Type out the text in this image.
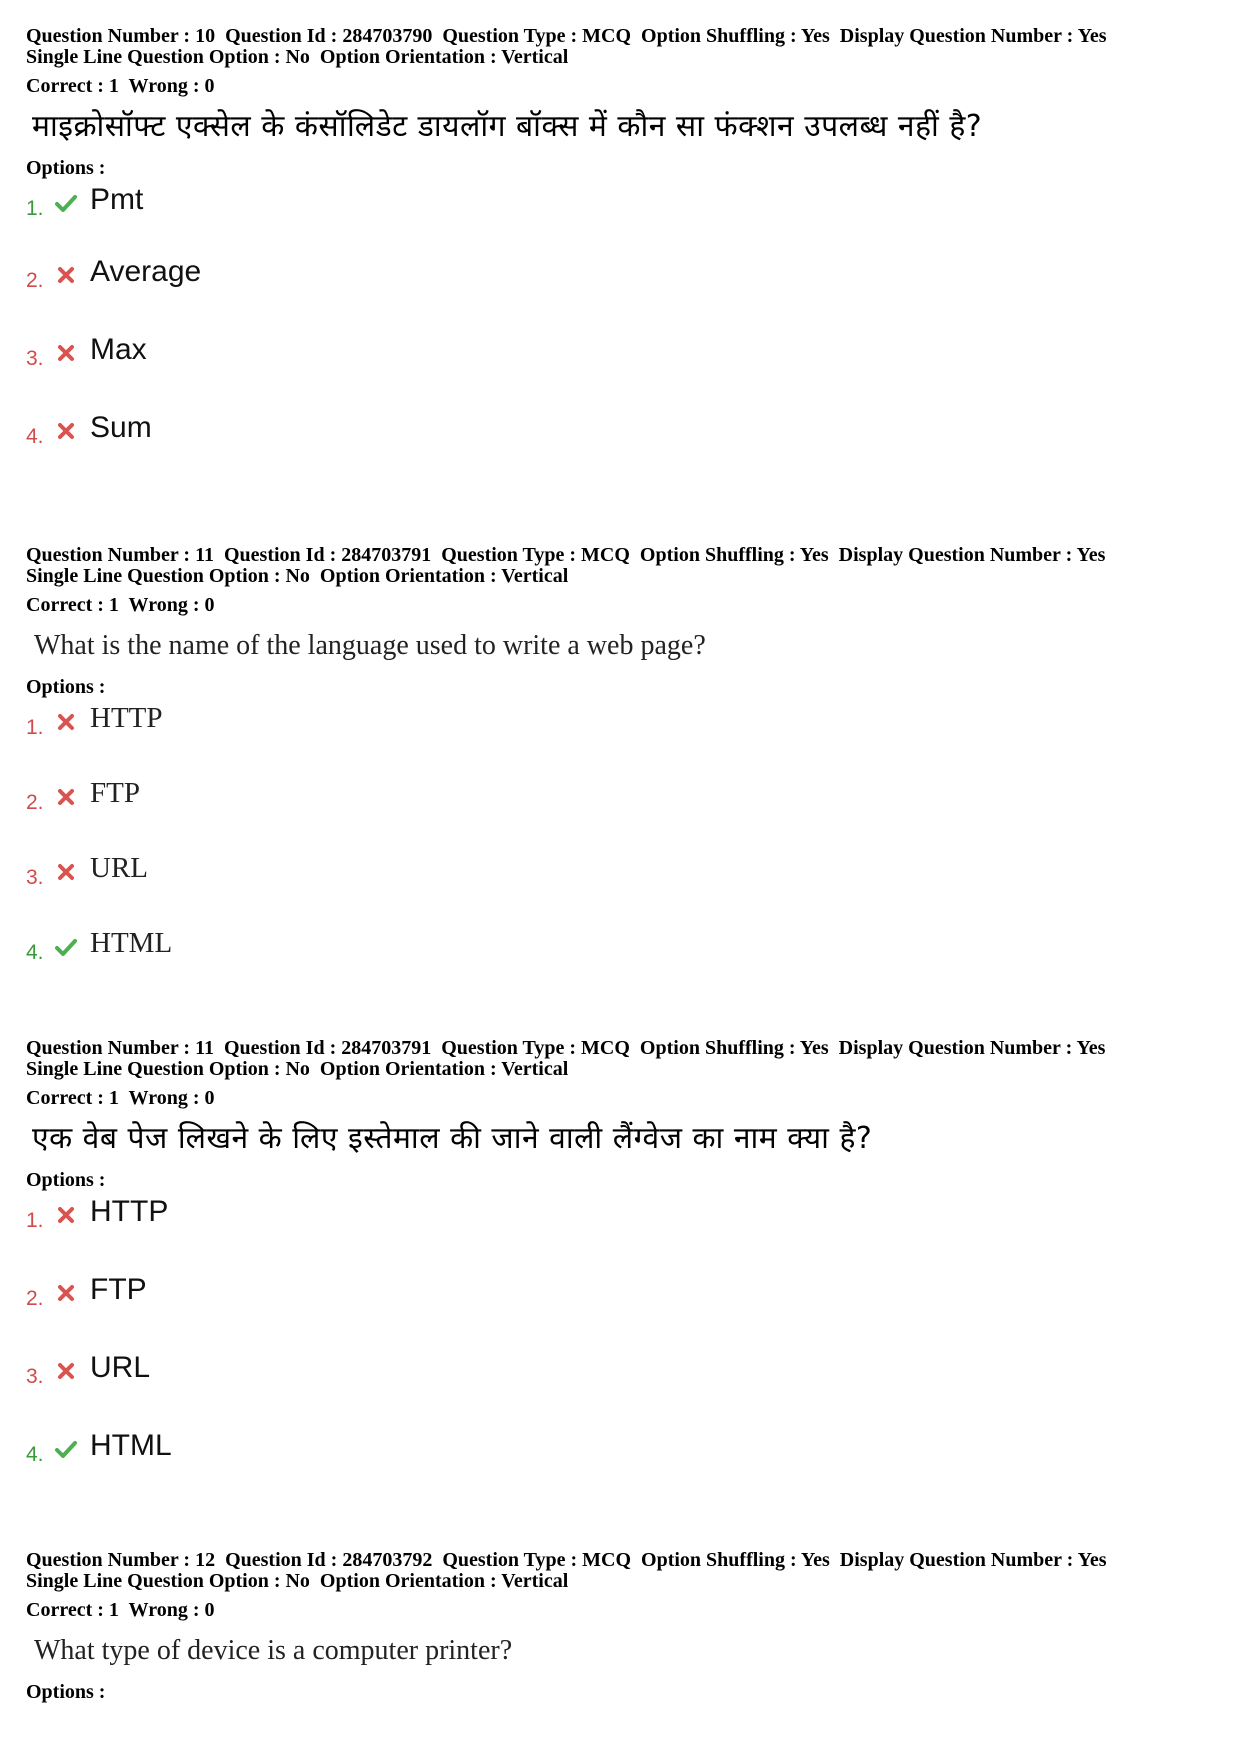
Question Number : 10  Question Id : 284703790  Question Type : MCQ  Option Shuffling : Yes  Display Question Number : Yes
Single Line Question Option : No  Option Orientation : Vertical
Correct : 1  Wrong : 0
माइक्रोसॉफ्ट एक्सेल के कंसॉलिडेट डायलॉग बॉक्स में कौन सा फंक्शन उपलब्ध नहीं है?
Options :
1. Pmt
2. Average
3. Max
4. Sum
Question Number : 11  Question Id : 284703791  Question Type : MCQ  Option Shuffling : Yes  Display Question Number : Yes
Single Line Question Option : No  Option Orientation : Vertical
Correct : 1  Wrong : 0
What is the name of the language used to write a web page?
Options :
1. HTTP
2. FTP
3. URL
4. HTML
Question Number : 11  Question Id : 284703791  Question Type : MCQ  Option Shuffling : Yes  Display Question Number : Yes
Single Line Question Option : No  Option Orientation : Vertical
Correct : 1  Wrong : 0
एक वेब पेज लिखने के लिए इस्तेमाल की जाने वाली लैंग्वेज का नाम क्या है?
Options :
1. HTTP
2. FTP
3. URL
4. HTML
Question Number : 12  Question Id : 284703792  Question Type : MCQ  Option Shuffling : Yes  Display Question Number : Yes
Single Line Question Option : No  Option Orientation : Vertical
Correct : 1  Wrong : 0
What type of device is a computer printer?
Options :
